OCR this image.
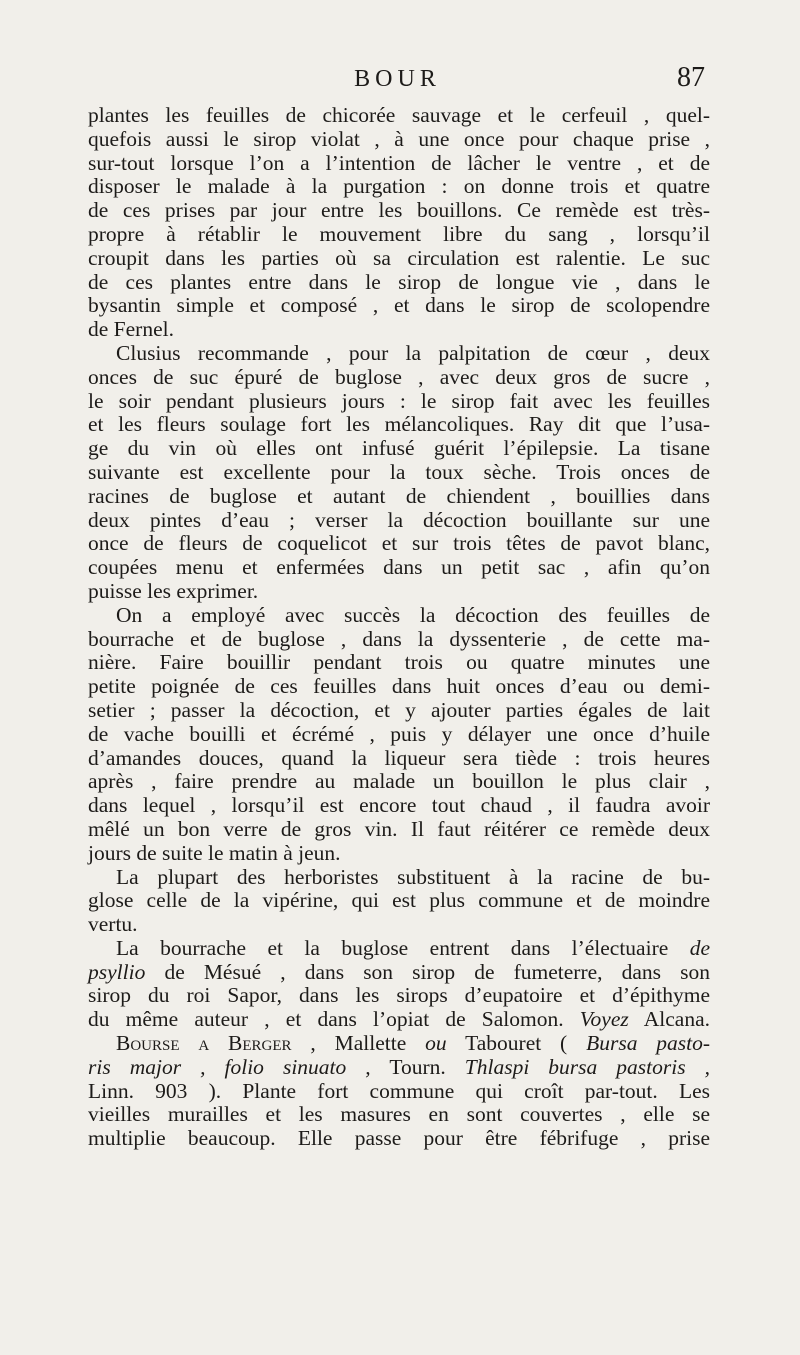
BOUR	87
plantes les feuilles de chicorée sauvage et le cerfeuil , quel-
quefois aussi le sirop violat , à une once pour chaque prise ,
sur-tout lorsque l’on a l’intention de lâcher le ventre , et de
disposer le malade à la purgation : on donne trois et quatre
de ces prises par jour entre les bouillons. Ce remède est très-
propre à rétablir le mouvement libre du sang , lorsqu’il
croupit dans les parties où sa circulation est ralentie. Le suc
de ces plantes entre dans le sirop de longue vie , dans le
bysantin simple et composé , et dans le sirop de scolopendre
de Fernel.
Clusius recommande , pour la palpitation de cœur , deux
onces de suc épuré de buglose , avec deux gros de sucre ,
le soir pendant plusieurs jours : le sirop fait avec les feuilles
et les fleurs soulage fort les mélancoliques. Ray dit que l’usa-
ge du vin où elles ont infusé guérit l’épilepsie. La tisane
suivante est excellente pour la toux sèche. Trois onces de
racines de buglose et autant de chiendent , bouillies dans
deux pintes d’eau ; verser la décoction bouillante sur une
once de fleurs de coquelicot et sur trois têtes de pavot blanc,
coupées menu et enfermées dans un petit sac , afin qu’on
puisse les exprimer.
On a employé avec succès la décoction des feuilles de
bourrache et de buglose , dans la dyssenterie , de cette ma-
nière. Faire bouillir pendant trois ou quatre minutes une
petite poignée de ces feuilles dans huit onces d’eau ou demi-
setier ; passer la décoction, et y ajouter parties égales de lait
de vache bouilli et écrémé , puis y délayer une once d’huile
d’amandes douces, quand la liqueur sera tiède : trois heures
après , faire prendre au malade un bouillon le plus clair ,
dans lequel , lorsqu’il est encore tout chaud , il faudra avoir
mêlé un bon verre de gros vin. Il faut réitérer ce remède deux
jours de suite le matin à jeun.
La plupart des herboristes substituent à la racine de bu-
glose celle de la vipérine, qui est plus commune et de moindre
vertu.
La bourrache et la buglose entrent dans l’électuaire de
psyllio de Mésué , dans son sirop de fumeterre, dans son
sirop du roi Sapor, dans les sirops d’eupatoire et d’épithyme
du même auteur , et dans l’opiat de Salomon. Voyez Alcana.
Bourse a Berger , Mallette ou Tabouret ( Bursa pasto-
ris major , folio sinuato , Tourn. Thlaspi bursa pastoris ,
Linn. 903 ). Plante fort commune qui croît par-tout. Les
vieilles murailles et les masures en sont couvertes , elle se
multiplie beaucoup. Elle passe pour être fébrifuge , prise
